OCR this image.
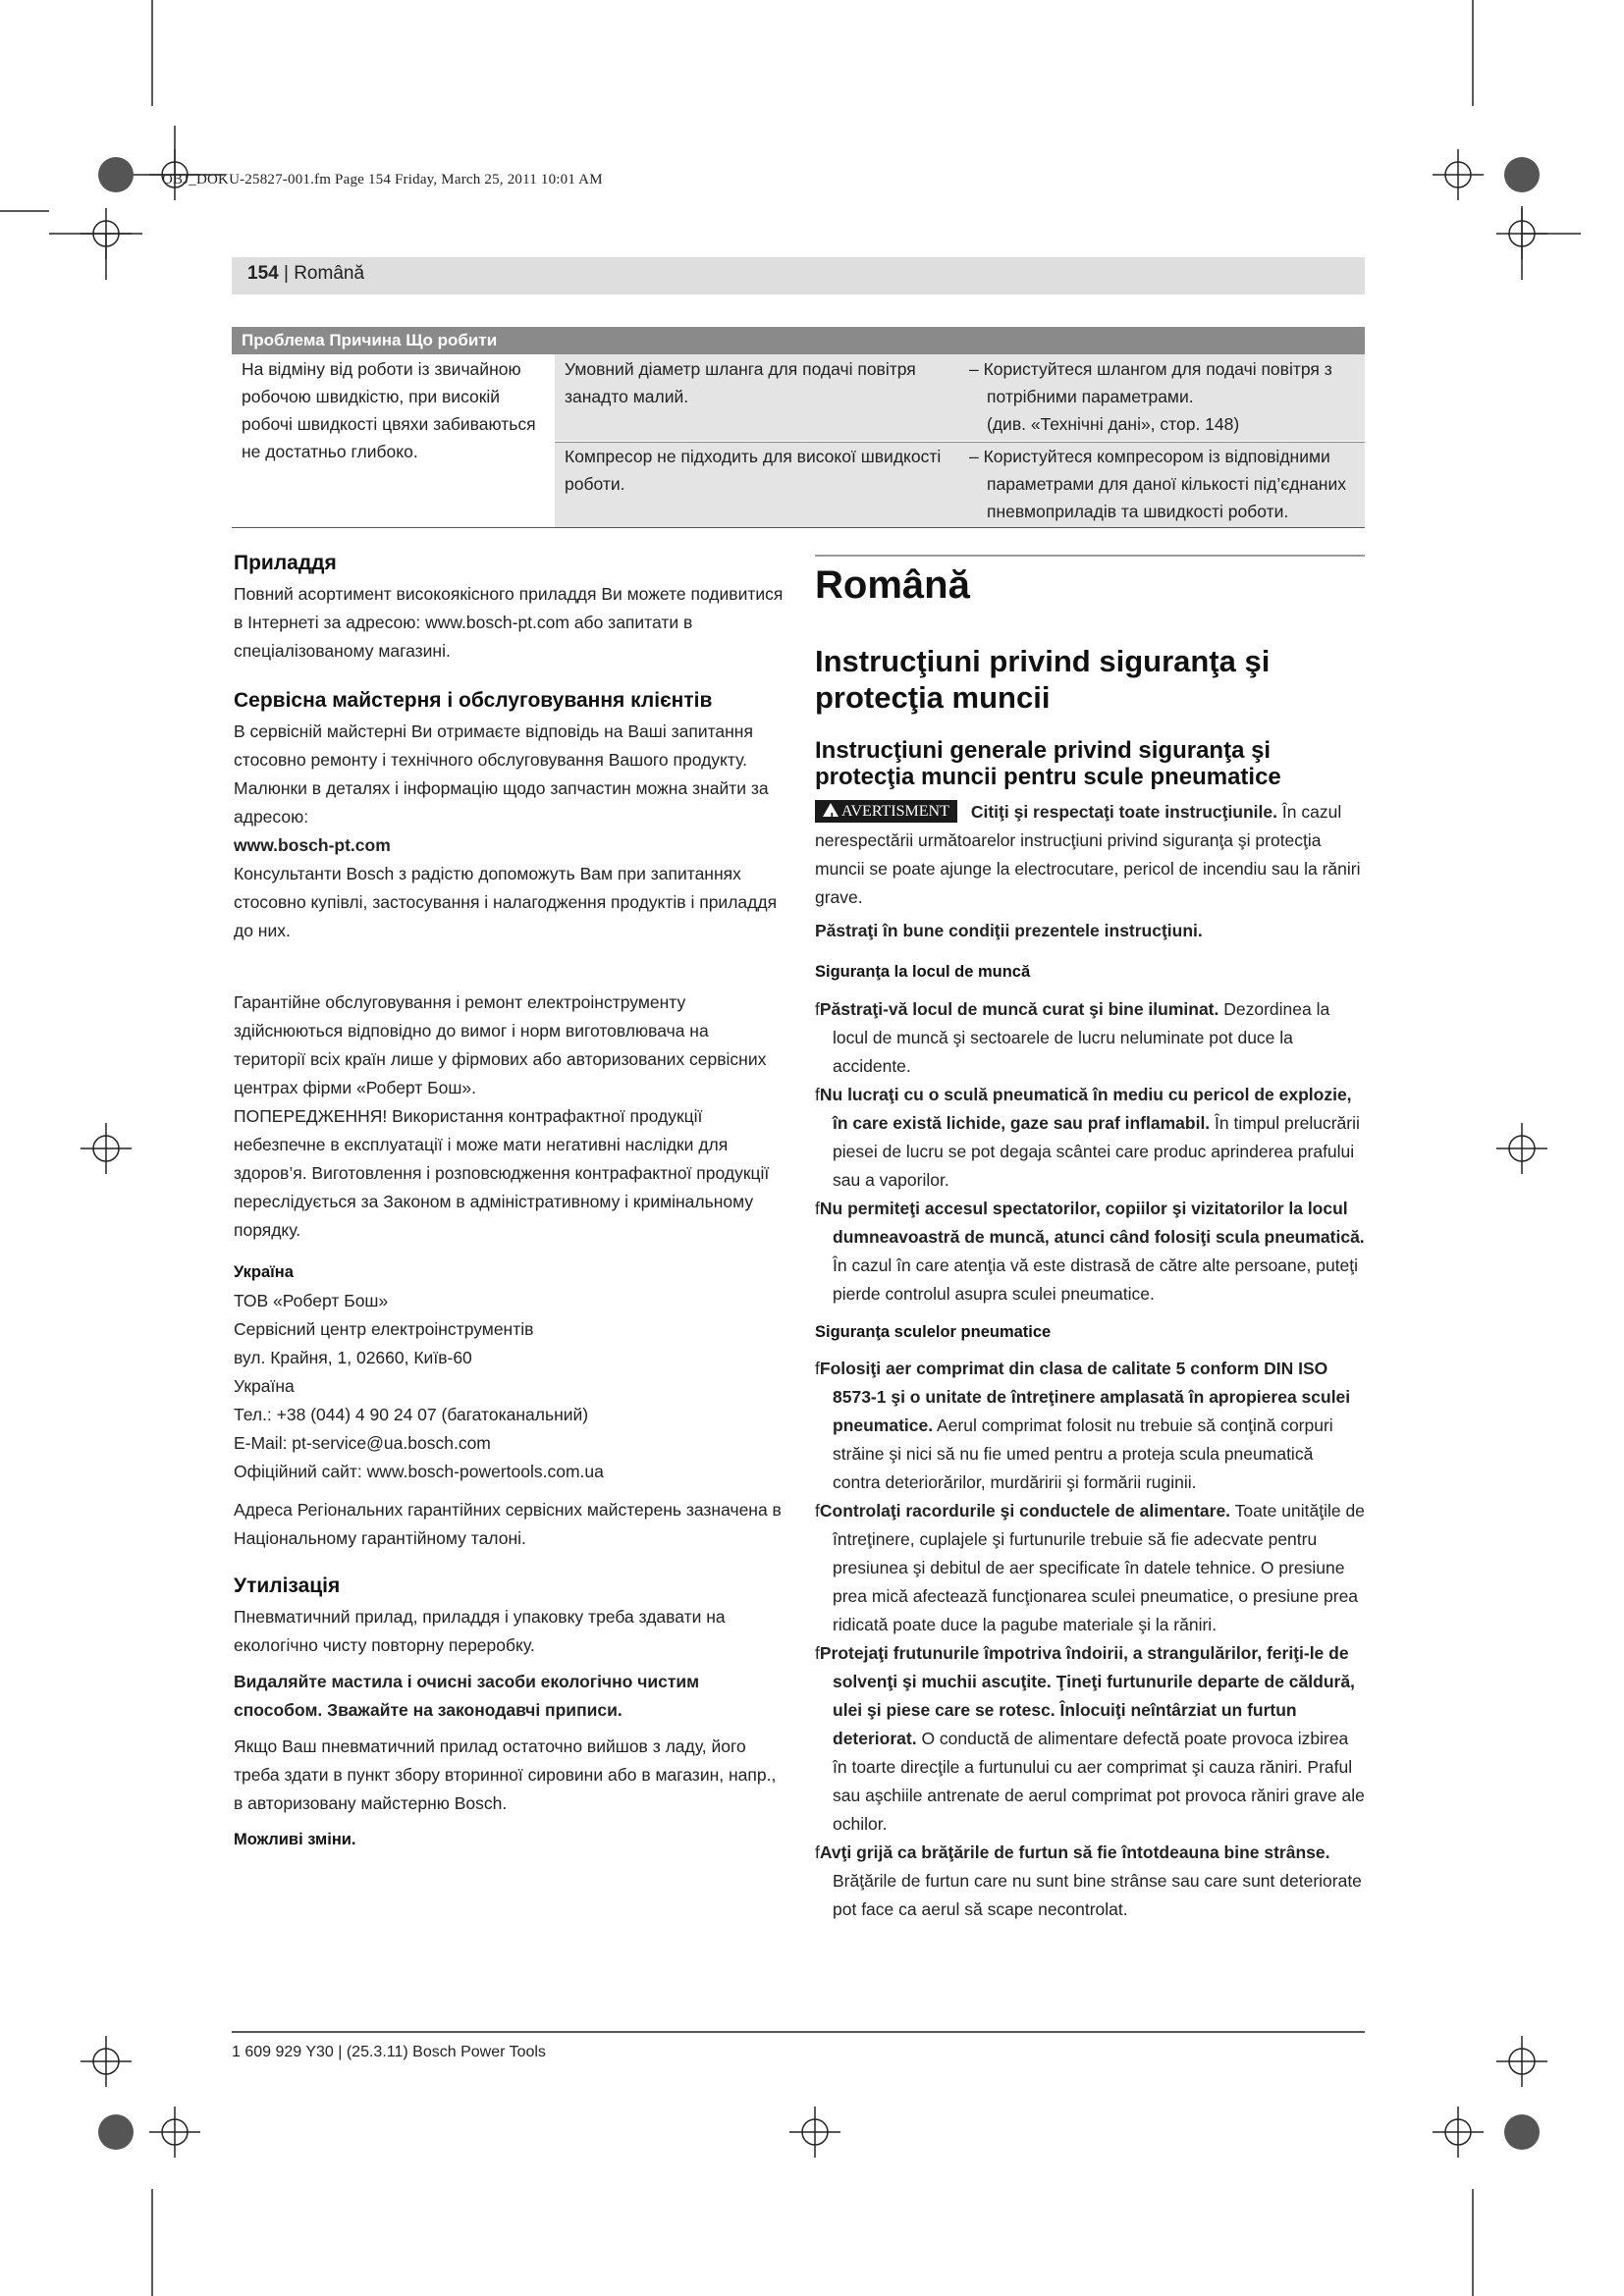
OBJ_DOKU-25827-001.fm Page 154 Friday, March 25, 2011 10:01 AM
154 | Română
Проблема Причина Що робити
На відміну від роботи із звичайною робочою швидкістю, при високій робочі швидкості цвяхи забиваються не достатньо глибоко.
Умовний діаметр шланга для подачі повітря занадто малий.
– Користуйтеся шлангом для подачі повітря з
потрібними параметрами.
(див. «Технічні дані», стор. 148)
Компресор не підходить для високої швидкості роботи.
– Користуйтеся компресором із відповідними
параметрами для даної кількості під’єднаних
пневмоприладів та швидкості роботи.

Приладдя

Повний асортимент високоякісного приладдя Ви можете подивитися в Інтернеті за адресою: www.bosch-pt.com або запитати в спеціалізованому магазині.

Сервісна майстерня і обслуговування клієнтів

В сервісній майстерні Ви отримаєте відповідь на Ваші запитання стосовно ремонту і технічного обслуговування Вашого продукту. Малюнки в деталях і інформацію щодо запчастин можна знайти за адресою:

www.bosch-pt.com

Консультанти Bosch з радістю допоможуть Вам при запитаннях стосовно купівлі, застосування і налагодження продуктів і приладдя до них.

Гарантійне обслуговування і ремонт електроінструменту здійснюються відповідно до вимог і норм виготовлювача на території всіх країн лише у фірмових або авторизованих сервісних центрах фірми «Роберт Бош».

ПОПЕРЕДЖЕННЯ! Використання контрафактної продукції небезпечне в експлуатації і може мати негативні наслідки для здоров’я. Виготовлення і розповсюдження контрафактної продукції переслідується за Законом в адміністративному і кримінальному порядку.

Україна

ТОВ «Роберт Бош»

Сервісний центр електроінструментів

вул. Крайня, 1, 02660, Київ-60

Україна

Тел.: +38 (044) 4 90 24 07 (багатоканальний)

E-Mail: pt-service@ua.bosch.com

Офіційний сайт: www.bosch-powertools.com.ua

Адреса Регіональних гарантійних сервісних майстерень зазначена в Національному гарантійному талоні.

Утилізація

Пневматичний прилад, приладдя і упаковку треба здавати на екологічно чисту повторну переробку.

Видаляйте мастила і очисні засоби екологічно чистим способом. Зважайте на законодавчі приписи.

Якщо Ваш пневматичний прилад остаточно вийшов з ладу, його треба здати в пункт збору вторинної сировини або в магазин, напр., в авторизовану майстерню Bosch.

Можливі зміни.

Română

Instrucţiuni privind siguranţa şi protecţia muncii

Instrucţiuni generale privind siguranţa şi protecţia muncii pentru scule pneumatice

! AVERTISMENT Citiţi şi respectaţi toate instrucţiunile. În cazul nerespectării următoarelor instrucţiuni privind siguranţa şi protecţia muncii se poate ajunge la electrocutare, pericol de incendiu sau la răniri grave.

Păstraţi în bune condiţii prezentele instrucţiuni.

Siguranţa la locul de muncă

fPăstraţi-vă locul de muncă curat şi bine iluminat. Dezordinea la locul de muncă şi sectoarele de lucru neluminate pot duce la accidente.

fNu lucraţi cu o sculă pneumatică în mediu cu pericol de explozie, în care există lichide, gaze sau praf inflamabil. În timpul prelucrării piesei de lucru se pot degaja scântei care produc aprinderea prafului sau a vaporilor.

fNu permiteţi accesul spectatorilor, copiilor şi vizitatorilor la locul dumneavoastră de muncă, atunci când folosiţi scula pneumatică. În cazul în care atenţia vă este distrasă de către alte persoane, puteţi pierde controlul asupra sculei pneumatice.

Siguranţa sculelor pneumatice

fFolosiţi aer comprimat din clasa de calitate 5 conform DIN ISO 8573-1 şi o unitate de întreţinere amplasată în apropierea sculei pneumatice. Aerul comprimat folosit nu trebuie să conţină corpuri străine şi nici să nu fie umed pentru a proteja scula pneumatică contra deteriorărilor, murdăririi şi formării ruginii.

fControlaţi racordurile şi conductele de alimentare. Toate unităţile de întreţinere, cuplajele şi furtunurile trebuie să fie adecvate pentru presiunea şi debitul de aer specificate în datele tehnice. O presiune prea mică afectează funcţionarea sculei pneumatice, o presiune prea ridicată poate duce la pagube materiale şi la răniri.

fProtejaţi frutunurile împotriva îndoirii, a strangulărilor, feriţi-le de solvenţi şi muchii ascuţite. Ţineţi furtunurile departe de căldură, ulei şi piese care se rotesc. Înlocuiţi neîntârziat un furtun deteriorat. O conductă de alimentare defectă poate provoca izbirea în toarte direcţile a furtunului cu aer comprimat şi cauza răniri. Praful sau aşchiile antrenate de aerul comprimat pot provoca răniri grave ale ochilor.

fAvţi grijă ca brăţările de furtun să fie întotdeauna bine strânse. Brăţările de furtun care nu sunt bine strânse sau care sunt deteriorate pot face ca aerul să scape necontrolat.

1 609 929 Y30 | (25.3.11) Bosch Power Tools
